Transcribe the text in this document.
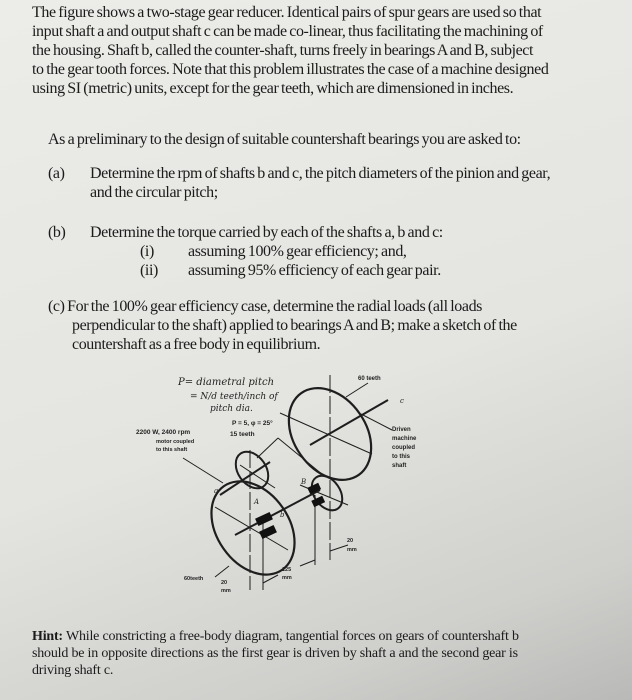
The figure shows a two-stage gear reducer. Identical pairs of spur gears are used so that
input shaft a and output shaft c can be made co-linear, thus facilitating the machining of
the housing. Shaft b, called the counter-shaft, turns freely in bearings A and B, subject
to the gear tooth forces. Note that this problem illustrates the case of a machine designed
using SI (metric) units, except for the gear teeth, which are dimensioned in inches.
As a preliminary to the design of suitable countershaft bearings you are asked to:
(a) Determine the rpm of shafts b and c, the pitch diameters of the pinion and gear,
and the circular pitch;
(b) Determine the torque carried by each of the shafts a, b and c:
(i) assuming 100% gear efficiency; and,
(ii) assuming 95% efficiency of each gear pair.
(c) For the 100% gear efficiency case, determine the radial loads (all loads
perpendicular to the shaft) applied to bearings A and B; make a sketch of the
countershaft as a free body in equilibrium.
P= diametral pitch
= N/d teeth/inch of
pitch dia.
P = 5, φ = 25°
15 teeth
2200 W, 2400 rpm
motor coupled
to this shaft
60 teeth
60teeth
Driven
machine
coupled
to this
shaft
a
b
c
A
B
125
mm
20
mm
20
mm
Hint: While constricting a free-body diagram, tangential forces on gears of countershaft b
should be in opposite directions as the first gear is driven by shaft a and the second gear is
driving shaft c.
